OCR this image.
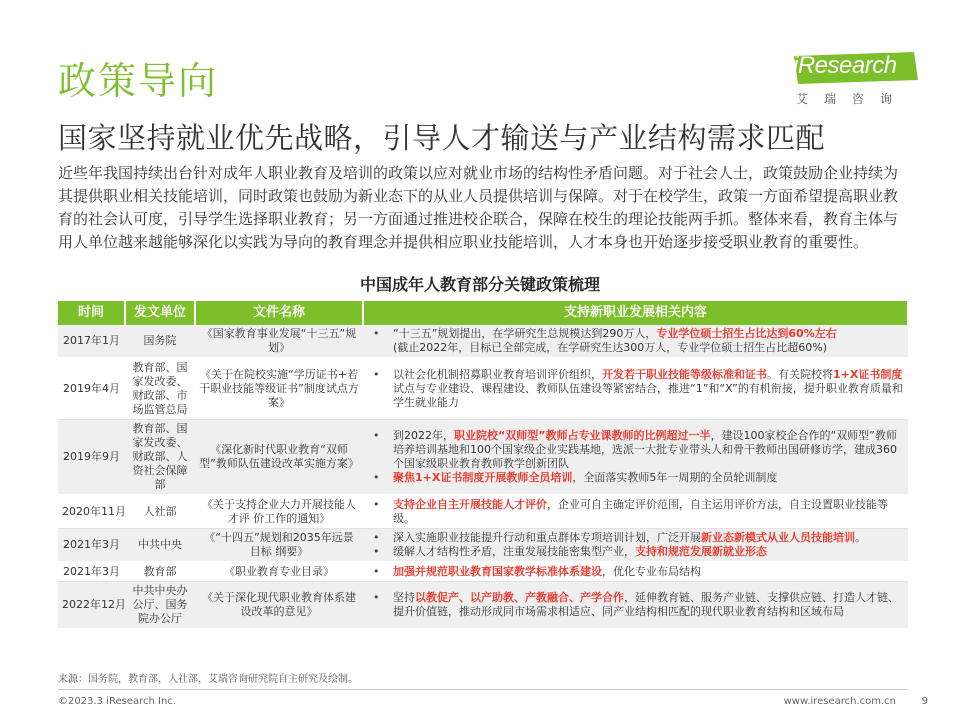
政策导向
国家坚持就业优先战略，引导人才输送与产业结构需求匹配
iResearch
艾瑞咨询
近些年我国持续出台针对成年人职业教育及培训的政策以应对就业市场的结构性矛盾问题。对于社会人士，政策鼓励企业持续为其提供职业相关技能培训，同时政策也鼓励为新业态下的从业人员提供培训与保障。对于在校学生，政策一方面希望提高职业教育的社会认可度，引导学生选择职业教育；另一方面通过推进校企联合，保障在校生的理论技能两手抓。整体来看，教育主体与用人单位越来越能够深化以实践为导向的教育理念并提供相应职业技能培训，人才本身也开始逐步接受职业教育的重要性。
中国成年人教育部分关键政策梳理
时间	发文单位	文件名称	支持新职业发展相关内容
2017年1月	国务院	《国家教育事业发展“十三五”规划》	• “十三五”规划提出，在学研究生总规模达到290万人，专业学位硕士招生占比达到60%左右
(截止2022年，目标已全部完成，在学研究生达300万人，专业学位硕士招生占比超60%)

2019年4月	教育部、国家发改委、财政部、市场监管总局	《关于在院校实施“学历证书+若干职业技能等级证书”制度试点方案》	• 以社会化机制招募职业教育培训评价组织，开发若干职业技能等级标准和证书。有关院校将1+X证书制度试点与专业建设、课程建设、教师队伍建设等紧密结合，推进“1”和“X”的有机衔接，提升职业教育质量和学生就业能力

2019年9月	教育部、国家发改委、财政部、人资社会保障部	《深化新时代职业教育“双师型”教师队伍建设改革实施方案》	• 到2022年，职业院校“双师型”教师占专业课教师的比例超过一半，建设100家校企合作的“双师型”教师培养培训基地和100个国家级企业实践基地，选派一大批专业带头人和骨干教师出国研修访学，建成360个国家级职业教育教师教学创新团队
• 聚焦1+X证书制度开展教师全员培训，全面落实教师5年一周期的全员轮训制度

2020年11月	人社部	《关于支持企业大力开展技能人才评 价工作的通知》	• 支持企业自主开展技能人才评价，企业可自主确定评价范围，自主运用评价方法，自主设置职业技能等级。

2021年3月	中共中央	《“十四五”规划和2035年远景目标 纲要》	• 深入实施职业技能提升行动和重点群体专项培训计划，广泛开展新业态新模式从业人员技能培训。
• 缓解人才结构性矛盾，注重发展技能密集型产业，支持和规范发展新就业形态

2021年3月	教育部	《职业教育专业目录》	• 加强并规范职业教育国家教学标准体系建设，优化专业布局结构

2022年12月	中共中央办公厅、国务院办公厅	《关于深化现代职业教育体系建设改革的意见》	• 坚持以教促产、以产助教、产教融合、产学合作，延伸教育链、服务产业链、支撑供应链、打造人才链、提升价值链，推动形成同市场需求相适应、同产业结构相匹配的现代职业教育结构和区域布局
来源：国务院，教育部，人社部，艾瑞咨询研究院自主研究及绘制。
©2023.3 iResearch Inc.	www.iresearch.com.cn	9
